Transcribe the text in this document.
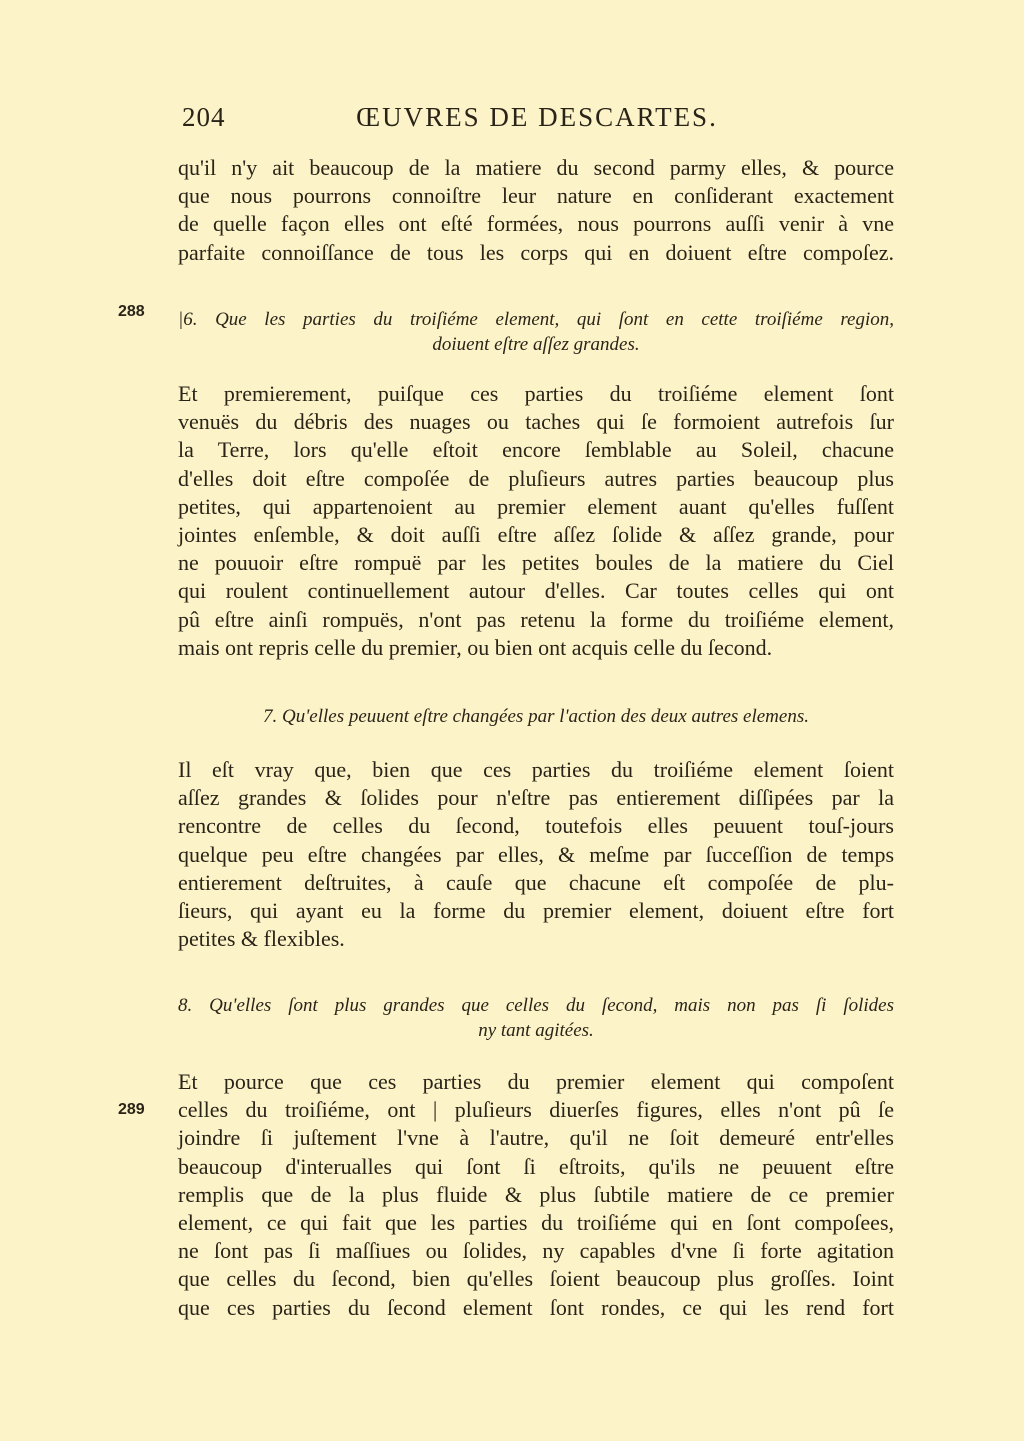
204	ŒUVRES DE DESCARTES.
qu'il n'y ait beaucoup de la matiere du second parmy elles, & pource
que nous pourrons connoiſtre leur nature en conſiderant exactement
de quelle façon elles ont eſté formées, nous pourrons auſſi venir à vne
parfaite connoiſſance de tous les corps qui en doiuent eſtre compoſez.
288 |6. Que les parties du troiſiéme element, qui ſont en cette troiſiéme region,
doiuent eſtre aſſez grandes.
Et premierement, puiſque ces parties du troiſiéme element ſont
venuës du débris des nuages ou taches qui ſe formoient autrefois ſur
la Terre, lors qu'elle eſtoit encore ſemblable au Soleil, chacune
d'elles doit eſtre compoſée de pluſieurs autres parties beaucoup plus
petites, qui appartenoient au premier element auant qu'elles fuſſent
jointes enſemble, & doit auſſi eſtre aſſez ſolide & aſſez grande, pour
ne pouuoir eſtre rompuë par les petites boules de la matiere du Ciel
qui roulent continuellement autour d'elles. Car toutes celles qui ont
pû eſtre ainſi rompuës, n'ont pas retenu la forme du troiſiéme element,
mais ont repris celle du premier, ou bien ont acquis celle du ſecond.
7. Qu'elles peuuent eſtre changées par l'action des deux autres elemens.
Il eſt vray que, bien que ces parties du troiſiéme element ſoient
aſſez grandes & ſolides pour n'eſtre pas entierement diſſipées par la
rencontre de celles du ſecond, toutefois elles peuuent touſ-jours
quelque peu eſtre changées par elles, & meſme par ſucceſſion de temps
entierement deſtruites, à cauſe que chacune eſt compoſée de plu-
ſieurs, qui ayant eu la forme du premier element, doiuent eſtre fort
petites & flexibles.
8. Qu'elles ſont plus grandes que celles du ſecond, mais non pas ſi ſolides
ny tant agitées.
289
Et pource que ces parties du premier element qui compoſent
celles du troiſiéme, ont | pluſieurs diuerſes figures, elles n'ont pû ſe
joindre ſi juſtement l'vne à l'autre, qu'il ne ſoit demeuré entr'elles
beaucoup d'interualles qui ſont ſi eſtroits, qu'ils ne peuuent eſtre
remplis que de la plus fluide & plus ſubtile matiere de ce premier
element, ce qui fait que les parties du troiſiéme qui en ſont compoſees,
ne ſont pas ſi maſſiues ou ſolides, ny capables d'vne ſi forte agitation
que celles du ſecond, bien qu'elles ſoient beaucoup plus groſſes. Ioint
que ces parties du ſecond element ſont rondes, ce qui les rend fort
